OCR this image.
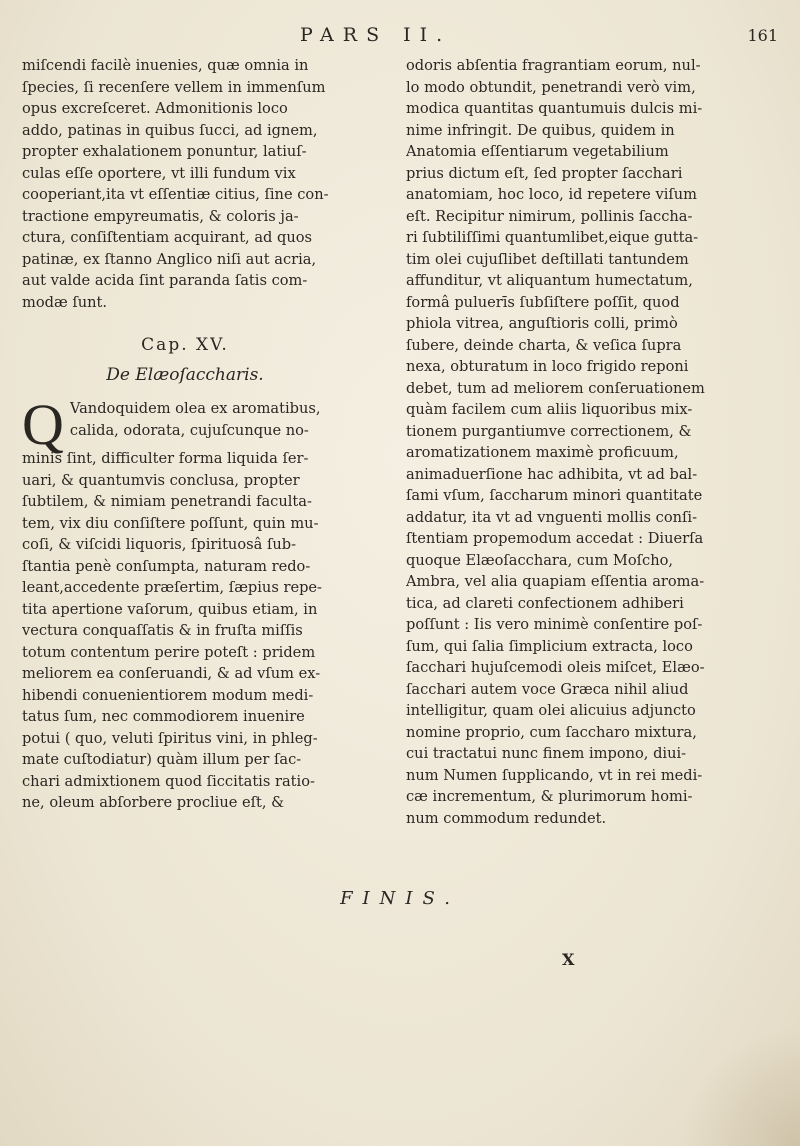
PARS II.	161
miſcendi facilè inuenies, quæ omnia in
ſpecies, ſi recenſere vellem in immenſum
opus excreſceret. Admonitionis loco
addo, patinas in quibus ſucci, ad ignem,
propter exhalationem ponuntur, latiuſ-
culas eſſe oportere, vt illi fundum vix
cooperiant,ita vt eſſentiæ citius, ſine con-
tractione empyreumatis, & coloris ja-
ctura, conſiſtentiam acquirant, ad quos
patinæ, ex ſtanno Anglico niſi aut acria,
aut valde acida ſint paranda ſatis com-
modæ ſunt.
Cap. XV.
De Elæoſaccharis.
Q Vandoquidem olea ex aromatibus,
calida, odorata, cujuſcunque no-
minis ſint, difficulter forma liquida ſer-
uari, & quantumvis conclusa, propter
ſubtilem, & nimiam penetrandi faculta-
tem, vix diu conſiſtere poſſunt, quin mu-
coſi, & viſcidi liquoris, ſpirituosâ ſub-
ſtantia penè conſumpta, naturam redo-
leant,accedente præſertim, ſæpius repe-
tita apertione vaſorum, quibus etiam, in
vectura conquaſſatis & in fruſta miſſis
totum contentum perire poteſt : pridem
meliorem ea conſeruandi, & ad vſum ex-
hibendi conuenientiorem modum medi-
tatus ſum, nec commodiorem inuenire
potui ( quo, veluti ſpiritus vini, in phleg-
mate cuſtodiatur) quàm illum per ſac-
chari admixtionem quod ſiccitatis ratio-
ne, oleum abſorbere procliue eſt, &
odoris abſentia fragrantiam eorum, nul-
lo modo obtundit, penetrandi verò vim,
modica quantitas quantumuis dulcis mi-
nime infringit. De quibus, quidem in
Anatomia eſſentiarum vegetabilium
prius dictum eſt, ſed propter ſacchari
anatomiam, hoc loco, id repetere viſum
eſt. Recipitur nimirum, pollinis ſaccha-
ri ſubtiliſſimi quantumlibet,eique gutta-
tim olei cujuſlibet deſtillati tantundem
affunditur, vt aliquantum humectatum,
formâ puluerīs ſubſiſtere poſſit, quod
phiola vitrea, anguſtioris colli, primò
ſubere, deinde charta, & veſica ſupra
nexa, obturatum in loco frigido reponi
debet, tum ad meliorem conſeruationem
quàm facilem cum aliis liquoribus mix-
tionem purgantiumve correctionem, &
aromatizationem maximè proficuum,
animaduerſione hac adhibita, vt ad bal-
ſami vſum, ſaccharum minori quantitate
addatur, ita vt ad vnguenti mollis conſi-
ſtentiam propemodum accedat : Diuerſa
quoque Elæoſacchara, cum Moſcho,
Ambra, vel alia quapiam eſſentia aroma-
tica, ad clareti confectionem adhiberi
poſſunt : Iis vero minimè conſentire poſ-
ſum, qui ſalia ſimplicium extracta, loco
ſacchari hujuſcemodi oleis miſcet, Elæo-
ſacchari autem voce Græca nihil aliud
intelligitur, quam olei alicuius adjuncto
nomine proprio, cum ſaccharo mixtura,
cui tractatui nunc finem impono, diui-
num Numen ſupplicando, vt in rei medi-
cæ incrementum, & plurimorum homi-
num commodum redundet.
FINIS.
X
